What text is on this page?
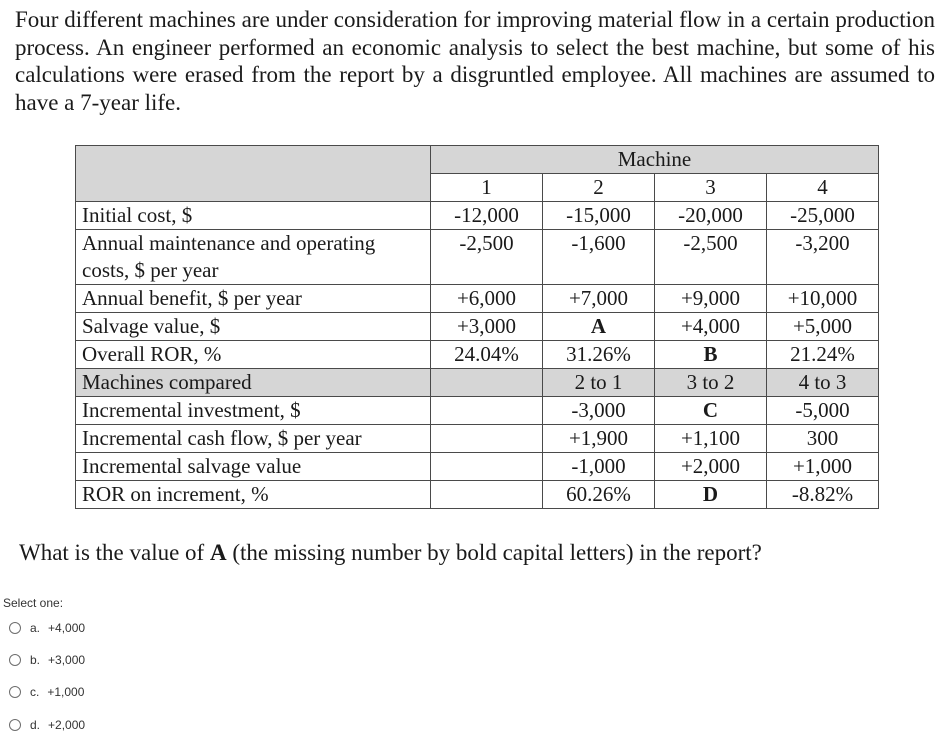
Four different machines are under consideration for improving material flow in a certain production process. An engineer performed an economic analysis to select the best machine, but some of his calculations were erased from the report by a disgruntled employee. All machines are assumed to have a 7-year life.
	Machine			
	1	2	3	4
Initial cost, $	-12,000	-15,000	-20,000	-25,000
Annual maintenance and operating costs, $ per year	-2,500	-1,600	-2,500	-3,200
Annual benefit, $ per year	+6,000	+7,000	+9,000	+10,000
Salvage value, $	+3,000	A	+4,000	+5,000
Overall ROR, %	24.04%	31.26%	B	21.24%
Machines compared		2 to 1	3 to 2	4 to 3
Incremental investment, $		-3,000	C	-5,000
Incremental cash flow, $ per year		+1,900	+1,100	300
Incremental salvage value		-1,000	+2,000	+1,000
ROR on increment, %		60.26%	D	-8.82%
What is the value of A (the missing number by bold capital letters) in the report?
Select one:
a. +4,000
b. +3,000
c. +1,000
d. +2,000
